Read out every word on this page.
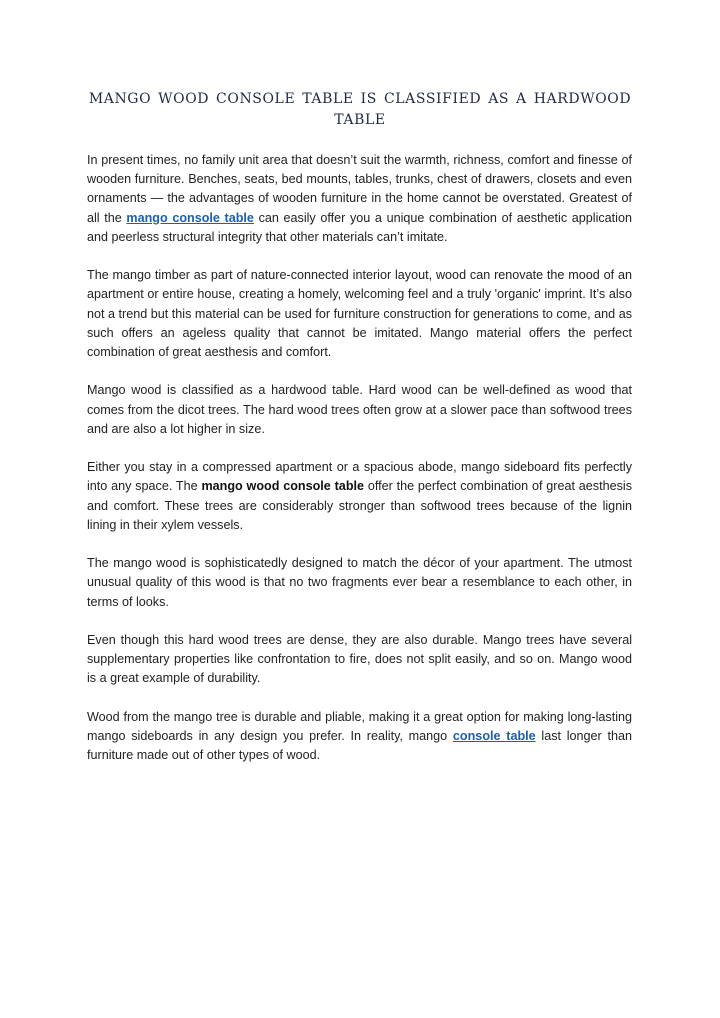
mango wood console table is classified as a hardwood table

In present times, no family unit area that doesn’t suit the warmth, richness, comfort and finesse of wooden furniture. Benches, seats, bed mounts, tables, trunks, chest of drawers, closets and even ornaments — the advantages of wooden furniture in the home cannot be overstated. Greatest of all the mango console table can easily offer you a unique combination of aesthetic application and peerless structural integrity that other materials can’t imitate.

The mango timber as part of nature-connected interior layout, wood can renovate the mood of an apartment or entire house, creating a homely, welcoming feel and a truly 'organic' imprint. It’s also not a trend but this material can be used for furniture construction for generations to come, and as such offers an ageless quality that cannot be imitated. Mango material offers the perfect combination of great aesthesis and comfort.

Mango wood is classified as a hardwood table. Hard wood can be well-defined as wood that comes from the dicot trees. The hard wood trees often grow at a slower pace than softwood trees and are also a lot higher in size.

Either you stay in a compressed apartment or a spacious abode, mango sideboard fits perfectly into any space. The mango wood console table offer the perfect combination of great aesthesis and comfort. These trees are considerably stronger than softwood trees because of the lignin lining in their xylem vessels.

The mango wood is sophisticatedly designed to match the décor of your apartment. The utmost unusual quality of this wood is that no two fragments ever bear a resemblance to each other, in terms of looks.

Even though this hard wood trees are dense, they are also durable. Mango trees have several supplementary properties like confrontation to fire, does not split easily, and so on. Mango wood is a great example of durability.

Wood from the mango tree is durable and pliable, making it a great option for making long-lasting mango sideboards in any design you prefer. In reality, mango console table last longer than furniture made out of other types of wood.
